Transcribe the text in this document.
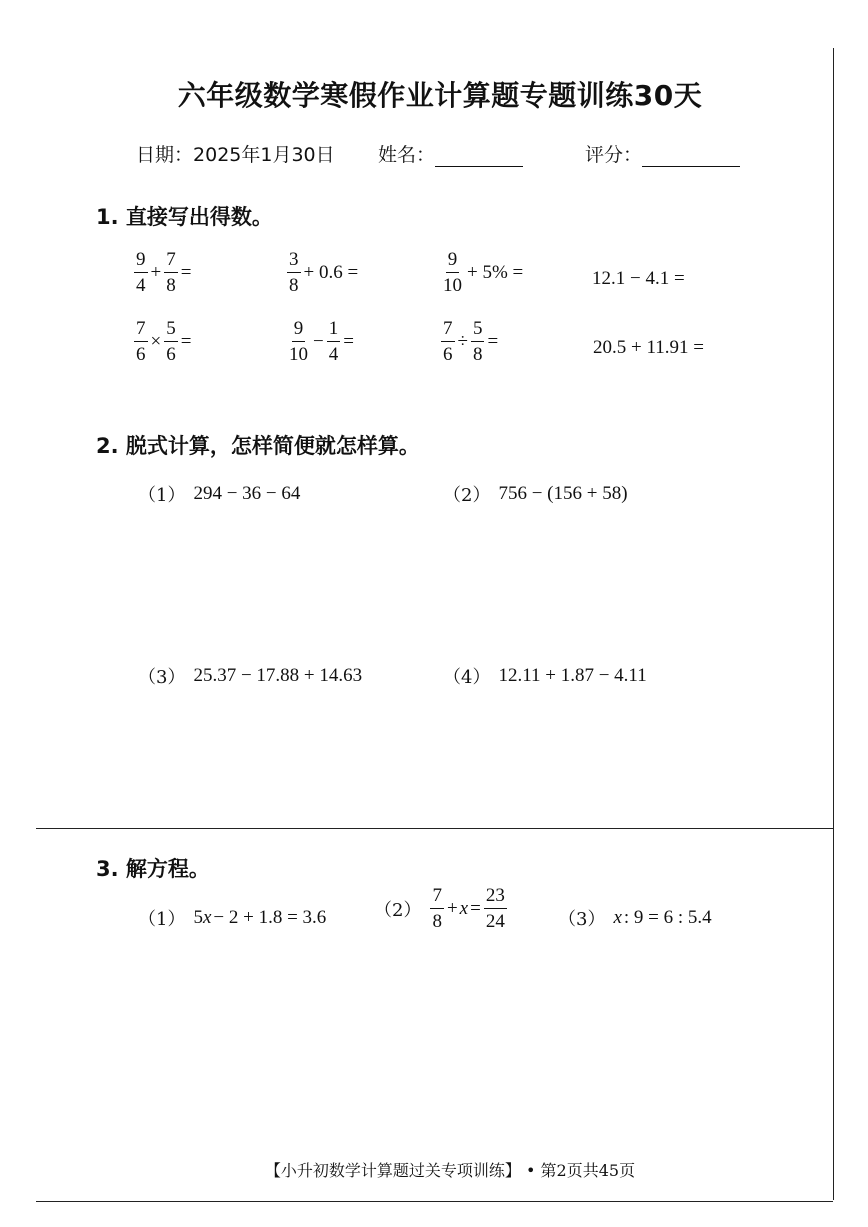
六年级数学寒假作业计算题专题训练30天
日期：2025年1月30日 姓名：	评分：
1. 直接写出得数。
$\frac{9}{4} + \frac{7}{8}$ =	$\frac{3}{8} + 0.6$ =	$\frac{9}{10} + 5\%$ =	12.1 − 4.1 =
$\frac{7}{6} \times \frac{5}{6}$ =	$\frac{9}{10} - \frac{1}{4}$ =	$\frac{7}{6} \div \frac{5}{8}$ =	20.5 + 11.91 =
2. 脱式计算，怎样简便就怎样算。
（1） 294 − 36 − 64	（2） 756 − (156 + 58)
（3） 25.37 − 17.88 + 14.63	（4） 12.11 + 1.87 − 4.11
3. 解方程。
（1） 5 x − 2 + 1.8 = 3.6	$(2) \frac{7}{8} + x = \frac{23}{24}$	（3） x : 9 = 6 : 5.4
【小升初数学计算题过关专项训练】 • 第2页共45页
